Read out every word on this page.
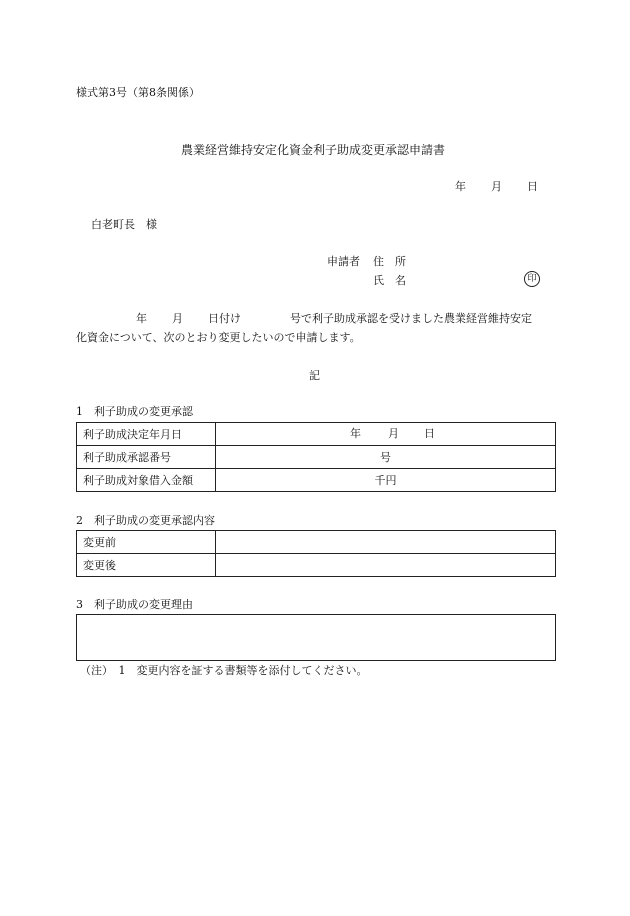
様式第3号（第8条関係）
農業経営維持安定化資金利子助成変更承認申請書
年 月 日
白老町長　様
申請者 住　所
氏　名	印
年 月 日付け	号で利子助成承認を受けました農業経営維持安定
化資金について、次のとおり変更したいので申請します。
記
1　利子助成の変更承認
利子助成決定年月日	年 月 日

利子助成承認番号	号
利子助成対象借入金額	千円
2　利子助成の変更承認内容
変更前	
変更後	
3　利子助成の変更理由
（注）　1　変更内容を証する書類等を添付してください。
